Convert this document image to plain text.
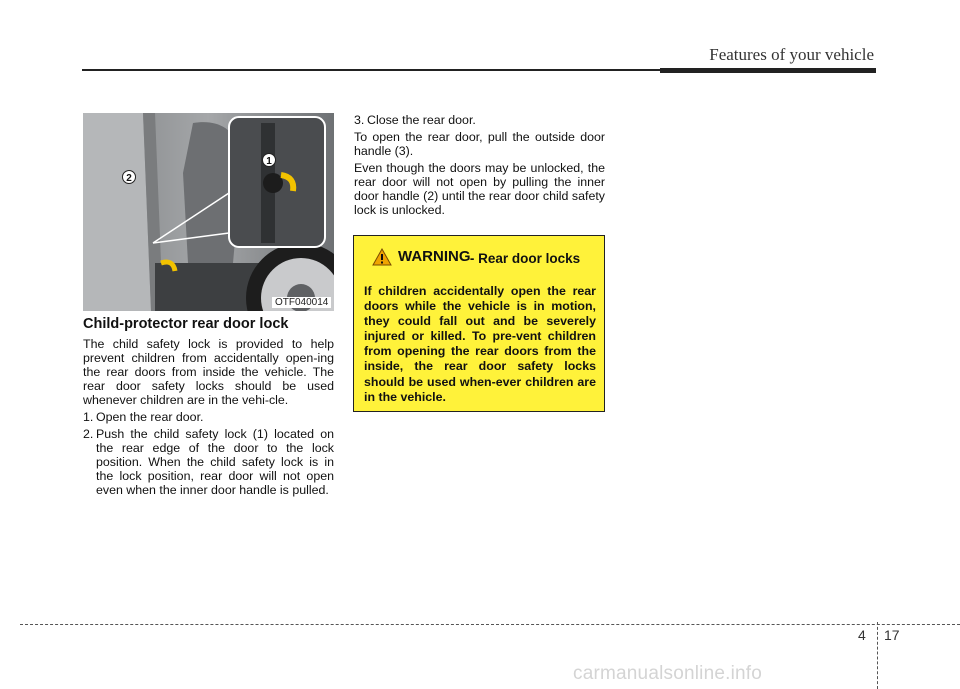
Features of your vehicle
1
2
OTF040014
Child-protector rear door lock

The child safety lock is provided to help prevent children from accidentally open-ing the rear doors from inside the vehicle. The rear door safety locks should be used whenever children are in the vehi-cle.

1. Open the rear door.
2. Push the child safety lock (1) located on the rear edge of the door to the lock position. When the child safety lock is in the lock position, rear door will not open even when the inner door handle is pulled.
3. Close the rear door.

To open the rear door, pull the outside door handle (3).

Even though the doors may be unlocked, the rear door will not open by pulling the inner door handle (2) until the rear door child safety lock is unlocked.

WARNING - Rear door locks

If children accidentally open the rear doors while the vehicle is in motion, they could fall out and be severely injured or killed. To pre-vent children from opening the rear doors from the inside, the rear door safety locks should be used when-ever children are in the vehicle.

4 17
carmanualsonline.info
